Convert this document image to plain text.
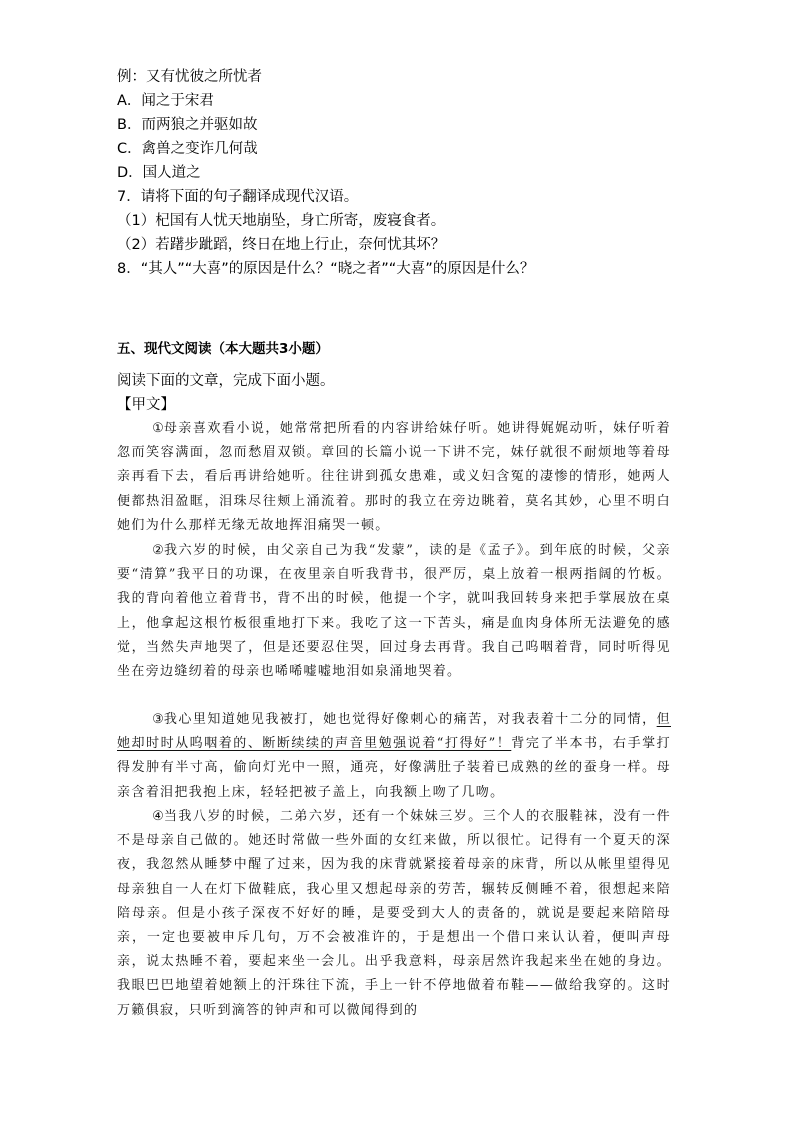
例：又有忧彼之所忧者
A．闻之于宋君
B．而两狼之并驱如故
C．禽兽之变诈几何哉
D．国人道之
7．请将下面的句子翻译成现代汉语。
（1）杞国有人忧天地崩坠，身亡所寄，废寝食者。
（2）若躇步跐蹈，终日在地上行止，奈何忧其坏？
8．“其人”“大喜”的原因是什么？“晓之者”“大喜”的原因是什么？
五、现代文阅读（本大题共3小题）
阅读下面的文章，完成下面小题。
【甲文】
①母亲喜欢看小说，她常常把所看的内容讲给妹仔听。她讲得娓娓动听，妹仔听着忽而笑容满面，忽而愁眉双锁。章回的长篇小说一下讲不完，妹仔就很不耐烦地等着母亲再看下去，看后再讲给她听。往往讲到孤女患难，或义妇含冤的凄惨的情形，她两人便都热泪盈眶，泪珠尽往颊上涌流着。那时的我立在旁边眺着，莫名其妙，心里不明白她们为什么那样无缘无故地挥泪痛哭一顿。
②我六岁的时候，由父亲自己为我“发蒙”，读的是《孟子》。到年底的时候，父亲要“清算”我平日的功课，在夜里亲自听我背书，很严厉，桌上放着一根两指阔的竹板。我的背向着他立着背书，背不出的时候，他提一个字，就叫我回转身来把手掌展放在桌上，他拿起这根竹板很重地打下来。我吃了这一下苦头，痛是血肉身体所无法避免的感觉，当然失声地哭了，但是还要忍住哭，回过身去再背。我自己呜咽着背，同时听得见坐在旁边缝纫着的母亲也唏唏嘘嘘地泪如泉涌地哭着。
③我心里知道她见我被打，她也觉得好像刺心的痛苦，对我表着十二分的同情，但她却时时从呜咽着的、断断续续的声音里勉强说着“打得好”！背完了半本书，右手掌打得发肿有半寸高，偷向灯光中一照，通亮，好像满肚子装着已成熟的丝的蚕身一样。母亲含着泪把我抱上床，轻轻把被子盖上，向我额上吻了几吻。
④当我八岁的时候，二弟六岁，还有一个妹妹三岁。三个人的衣服鞋袜，没有一件不是母亲自己做的。她还时常做一些外面的女红来做，所以很忙。记得有一个夏天的深夜，我忽然从睡梦中醒了过来，因为我的床背就紧接着母亲的床背，所以从帐里望得见母亲独自一人在灯下做鞋底，我心里又想起母亲的劳苦，辗转反侧睡不着，很想起来陪陪母亲。但是小孩子深夜不好好的睡，是要受到大人的责备的，就说是要起来陪陪母亲，一定也要被申斥几句，万不会被准许的，于是想出一个借口来认认着，便叫声母亲，说太热睡不着，要起来坐一会儿。出乎我意料，母亲居然许我起来坐在她的身边。我眼巴巴地望着她额上的汗珠往下流，手上一针不停地做着布鞋——做给我穿的。这时万籁俱寂，只听到滴答的钟声和可以微闻得到的
